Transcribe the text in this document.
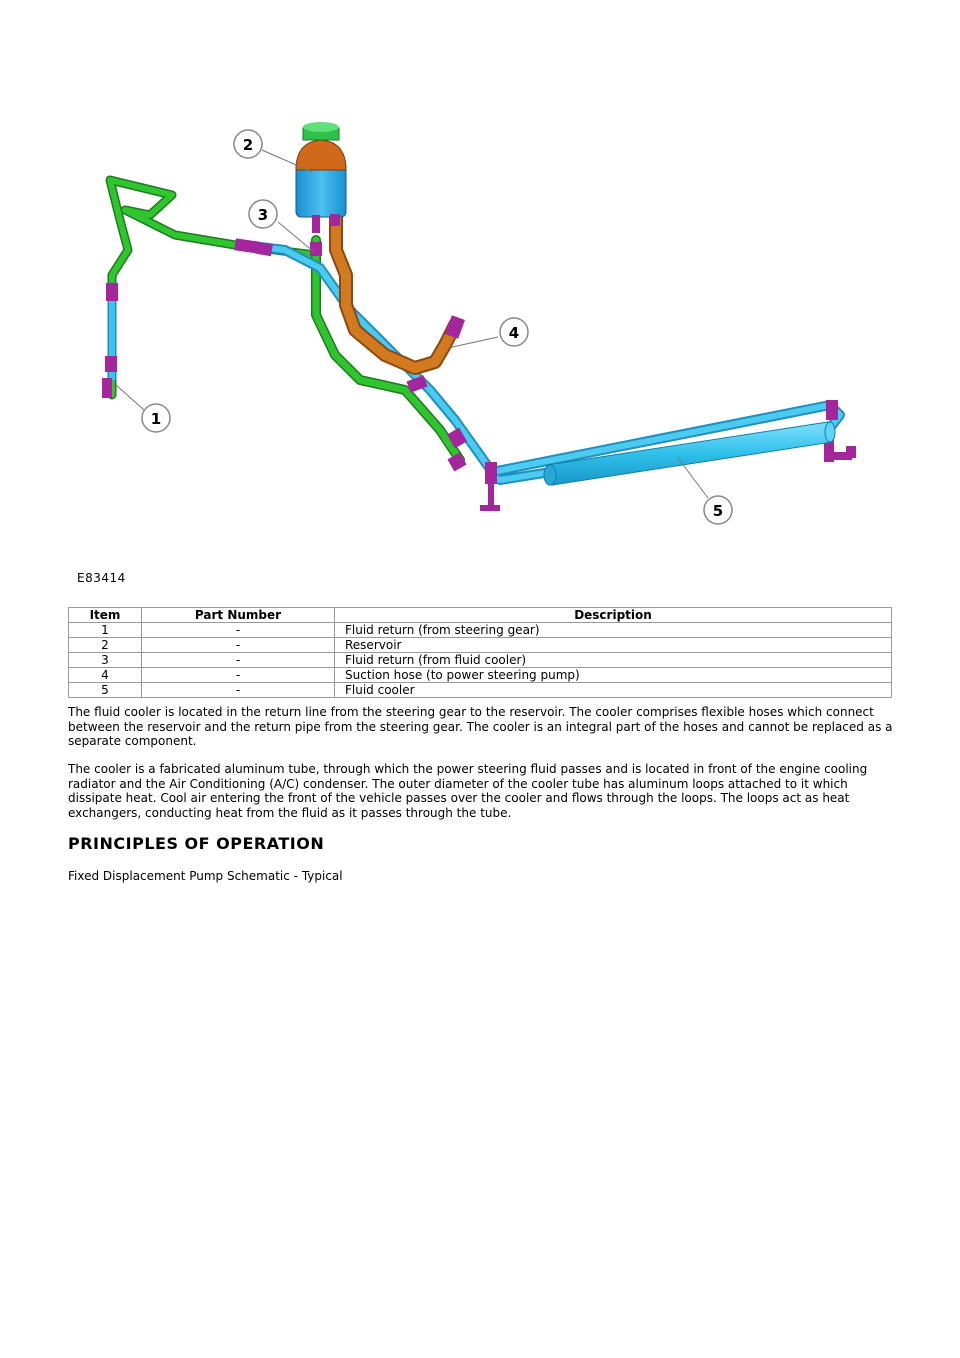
1
2
3
4
5
E83414
Item	Part Number	Description
1	-	Fluid return (from steering gear)
2	-	Reservoir
3	-	Fluid return (from fluid cooler)
4	-	Suction hose (to power steering pump)
5	-	Fluid cooler

The fluid cooler is located in the return line from the steering gear to the reservoir. The cooler comprises flexible hoses which connect between the reservoir and the return pipe from the steering gear. The cooler is an integral part of the hoses and cannot be replaced as a separate component.

The cooler is a fabricated aluminum tube, through which the power steering fluid passes and is located in front of the engine cooling radiator and the Air Conditioning (A/C) condenser. The outer diameter of the cooler tube has aluminum loops attached to it which dissipate heat. Cool air entering the front of the vehicle passes over the cooler and flows through the loops. The loops act as heat exchangers, conducting heat from the fluid as it passes through the tube.

PRINCIPLES OF OPERATION

Fixed Displacement Pump Schematic - Typical
